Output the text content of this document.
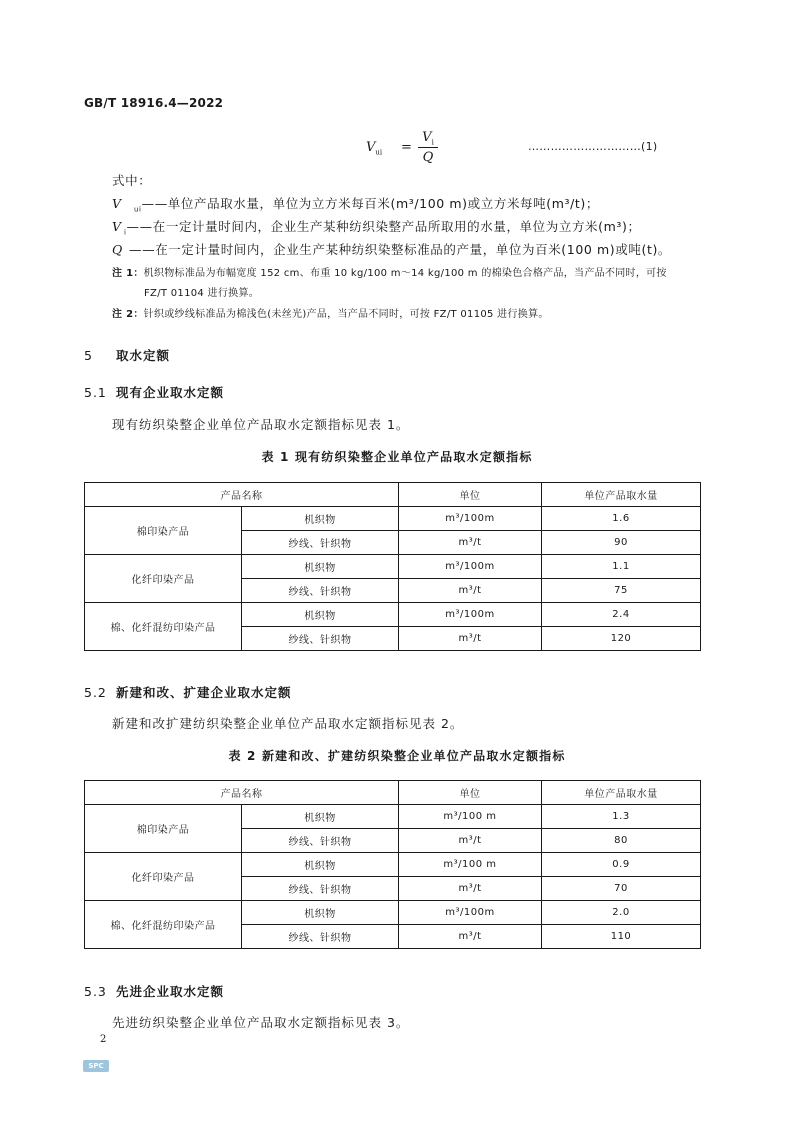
GB/T 18916.4—2022
$V_{ui}$ =
$V_i$
Q
…………………………(1)
式中：
V $_{ui}$——单位产品取水量，单位为立方米每百米(m³/100 m)或立方米每吨(m³/t)；
V $_i$——在一定计量时间内，企业生产某种纺织染整产品所取用的水量，单位为立方米(m³)；
Q ——在一定计量时间内，企业生产某种纺织染整标准品的产量，单位为百米(100 m)或吨(t)。
注 1：机织物标准品为布幅宽度 152 cm、布重 10 kg/100 m～14 kg/100 m 的棉染色合格产品，当产品不同时，可按
FZ/T 01104 进行换算。
注 2：针织或纱线标准品为棉浅色(未丝光)产品，当产品不同时，可按 FZ/T 01105 进行换算。
5 取水定额
5.1 现有企业取水定额
现有纺织染整企业单位产品取水定额指标见表 1。
表 1 现有纺织染整企业单位产品取水定额指标
产品名称		单位	单位产品取水量
棉印染产品	机织物	m³/100m	1.6
	纱线、针织物	m³/t	90
化纤印染产品	机织物	m³/100m	1.1
	纱线、针织物	m³/t	75
棉、化纤混纺印染产品	机织物	m³/100m	2.4
	纱线、针织物	m³/t	120
5.2 新建和改、扩建企业取水定额
新建和改扩建纺织染整企业单位产品取水定额指标见表 2。
表 2 新建和改、扩建纺织染整企业单位产品取水定额指标
产品名称		单位	单位产品取水量
棉印染产品	机织物	m³/100 m	1.3
	纱线、针织物	m³/t	80
化纤印染产品	机织物	m³/100 m	0.9
	纱线、针织物	m³/t	70
棉、化纤混纺印染产品	机织物	m³/100m	2.0
	纱线、针织物	m³/t	110
5.3 先进企业取水定额
先进纺织染整企业单位产品取水定额指标见表 3。
2
SPC
